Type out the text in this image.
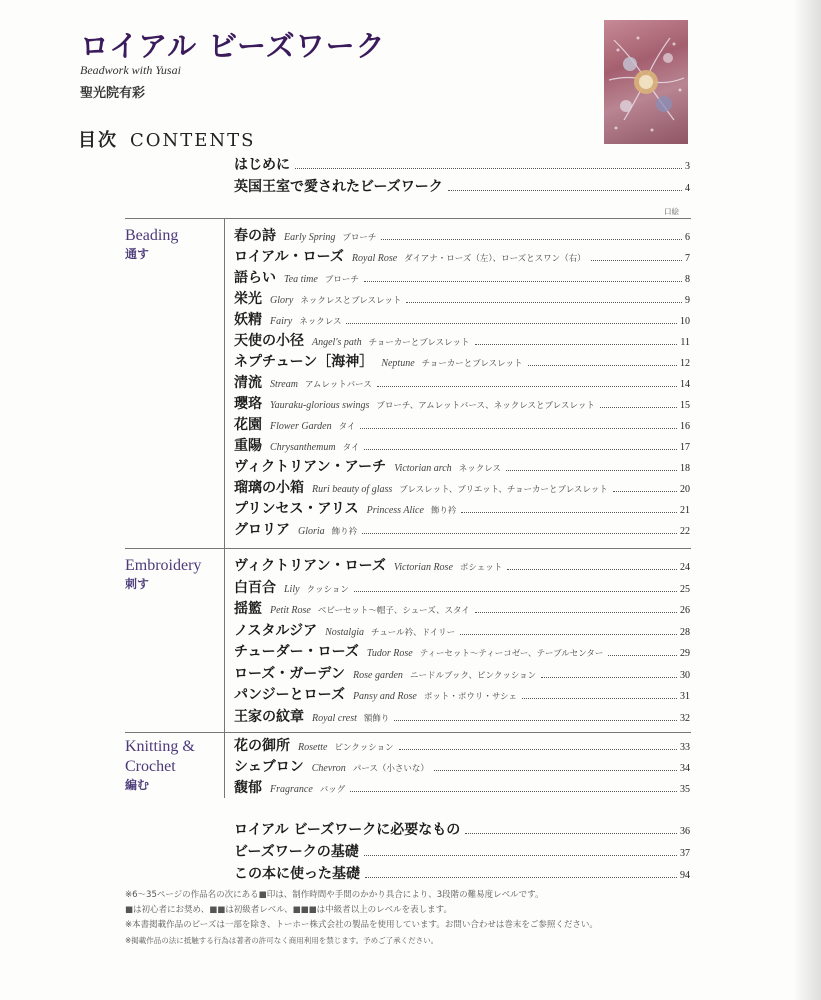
ロイアル ビーズワーク
Beadwork with Yusai
聖光院有彩
目次 CONTENTS
はじめに	3
英国王室で愛されたビーズワーク	4
口絵
Beading
通す
春の詩 Early Spring ブローチ	6
ロイアル・ローズ Royal Rose ダイアナ・ローズ（左）、ローズとスワン（右）	7
語らい Tea time ブローチ	8
栄光 Glory ネックレスとブレスレット	9
妖精 Fairy ネックレス	10
天使の小径 Angel's path チョーカーとブレスレット	11
ネプチューン［海神］ Neptune チョーカーとブレスレット	12
清流 Stream アムレットバース	14
瓔珞 Yauraku-glorious swings ブローチ、アムレットバース、ネックレスとブレスレット	15
花園 Flower Garden タイ	16
重陽 Chrysanthemum タイ	17
ヴィクトリアン・アーチ Victorian arch ネックレス	18
瑠璃の小箱 Ruri beauty of glass ブレスレット、ブリエット、チョーカーとブレスレット	20
プリンセス・アリス Princess Alice 飾り衿	21
グロリア Gloria 飾り衿	22
Embroidery
刺す
ヴィクトリアン・ローズ Victorian Rose ポシェット	24
白百合 Lily クッション	25
揺籃 Petit Rose ベビーセット～帽子、シューズ、スタイ	26
ノスタルジア Nostalgia チュール衿、ドイリー	28
チューダー・ローズ Tudor Rose ティーセット～ティーコゼー、テーブルセンター	29
ローズ・ガーデン Rose garden ニードルブック、ピンクッション	30
パンジーとローズ Pansy and Rose ポット・ポウリ・サシェ	31
王家の紋章 Royal crest 額飾り	32
Knitting &
Crochet
編む
花の御所 Rosette ピンクッション	33
シェブロン Chevron パース（小さいな）	34
馥郁 Fragrance バッグ	35
ロイアル ビーズワークに必要なもの	36
ビーズワークの基礎	37
この本に使った基礎	94
※6～35ページの作品名の次にある■印は、制作時間や手間のかかり具合により、3段階の難易度レベルです。
■は初心者にお奨め、■■は初級者レベル、■■■は中級者以上のレベルを表します。
※本書掲載作品のビーズは一部を除き、トーホー株式会社の製品を使用しています。お問い合わせは巻末をご参照ください。
※掲載作品の法に抵触する行為は著者の許可なく商用利用を禁じます。予めご了承ください。
